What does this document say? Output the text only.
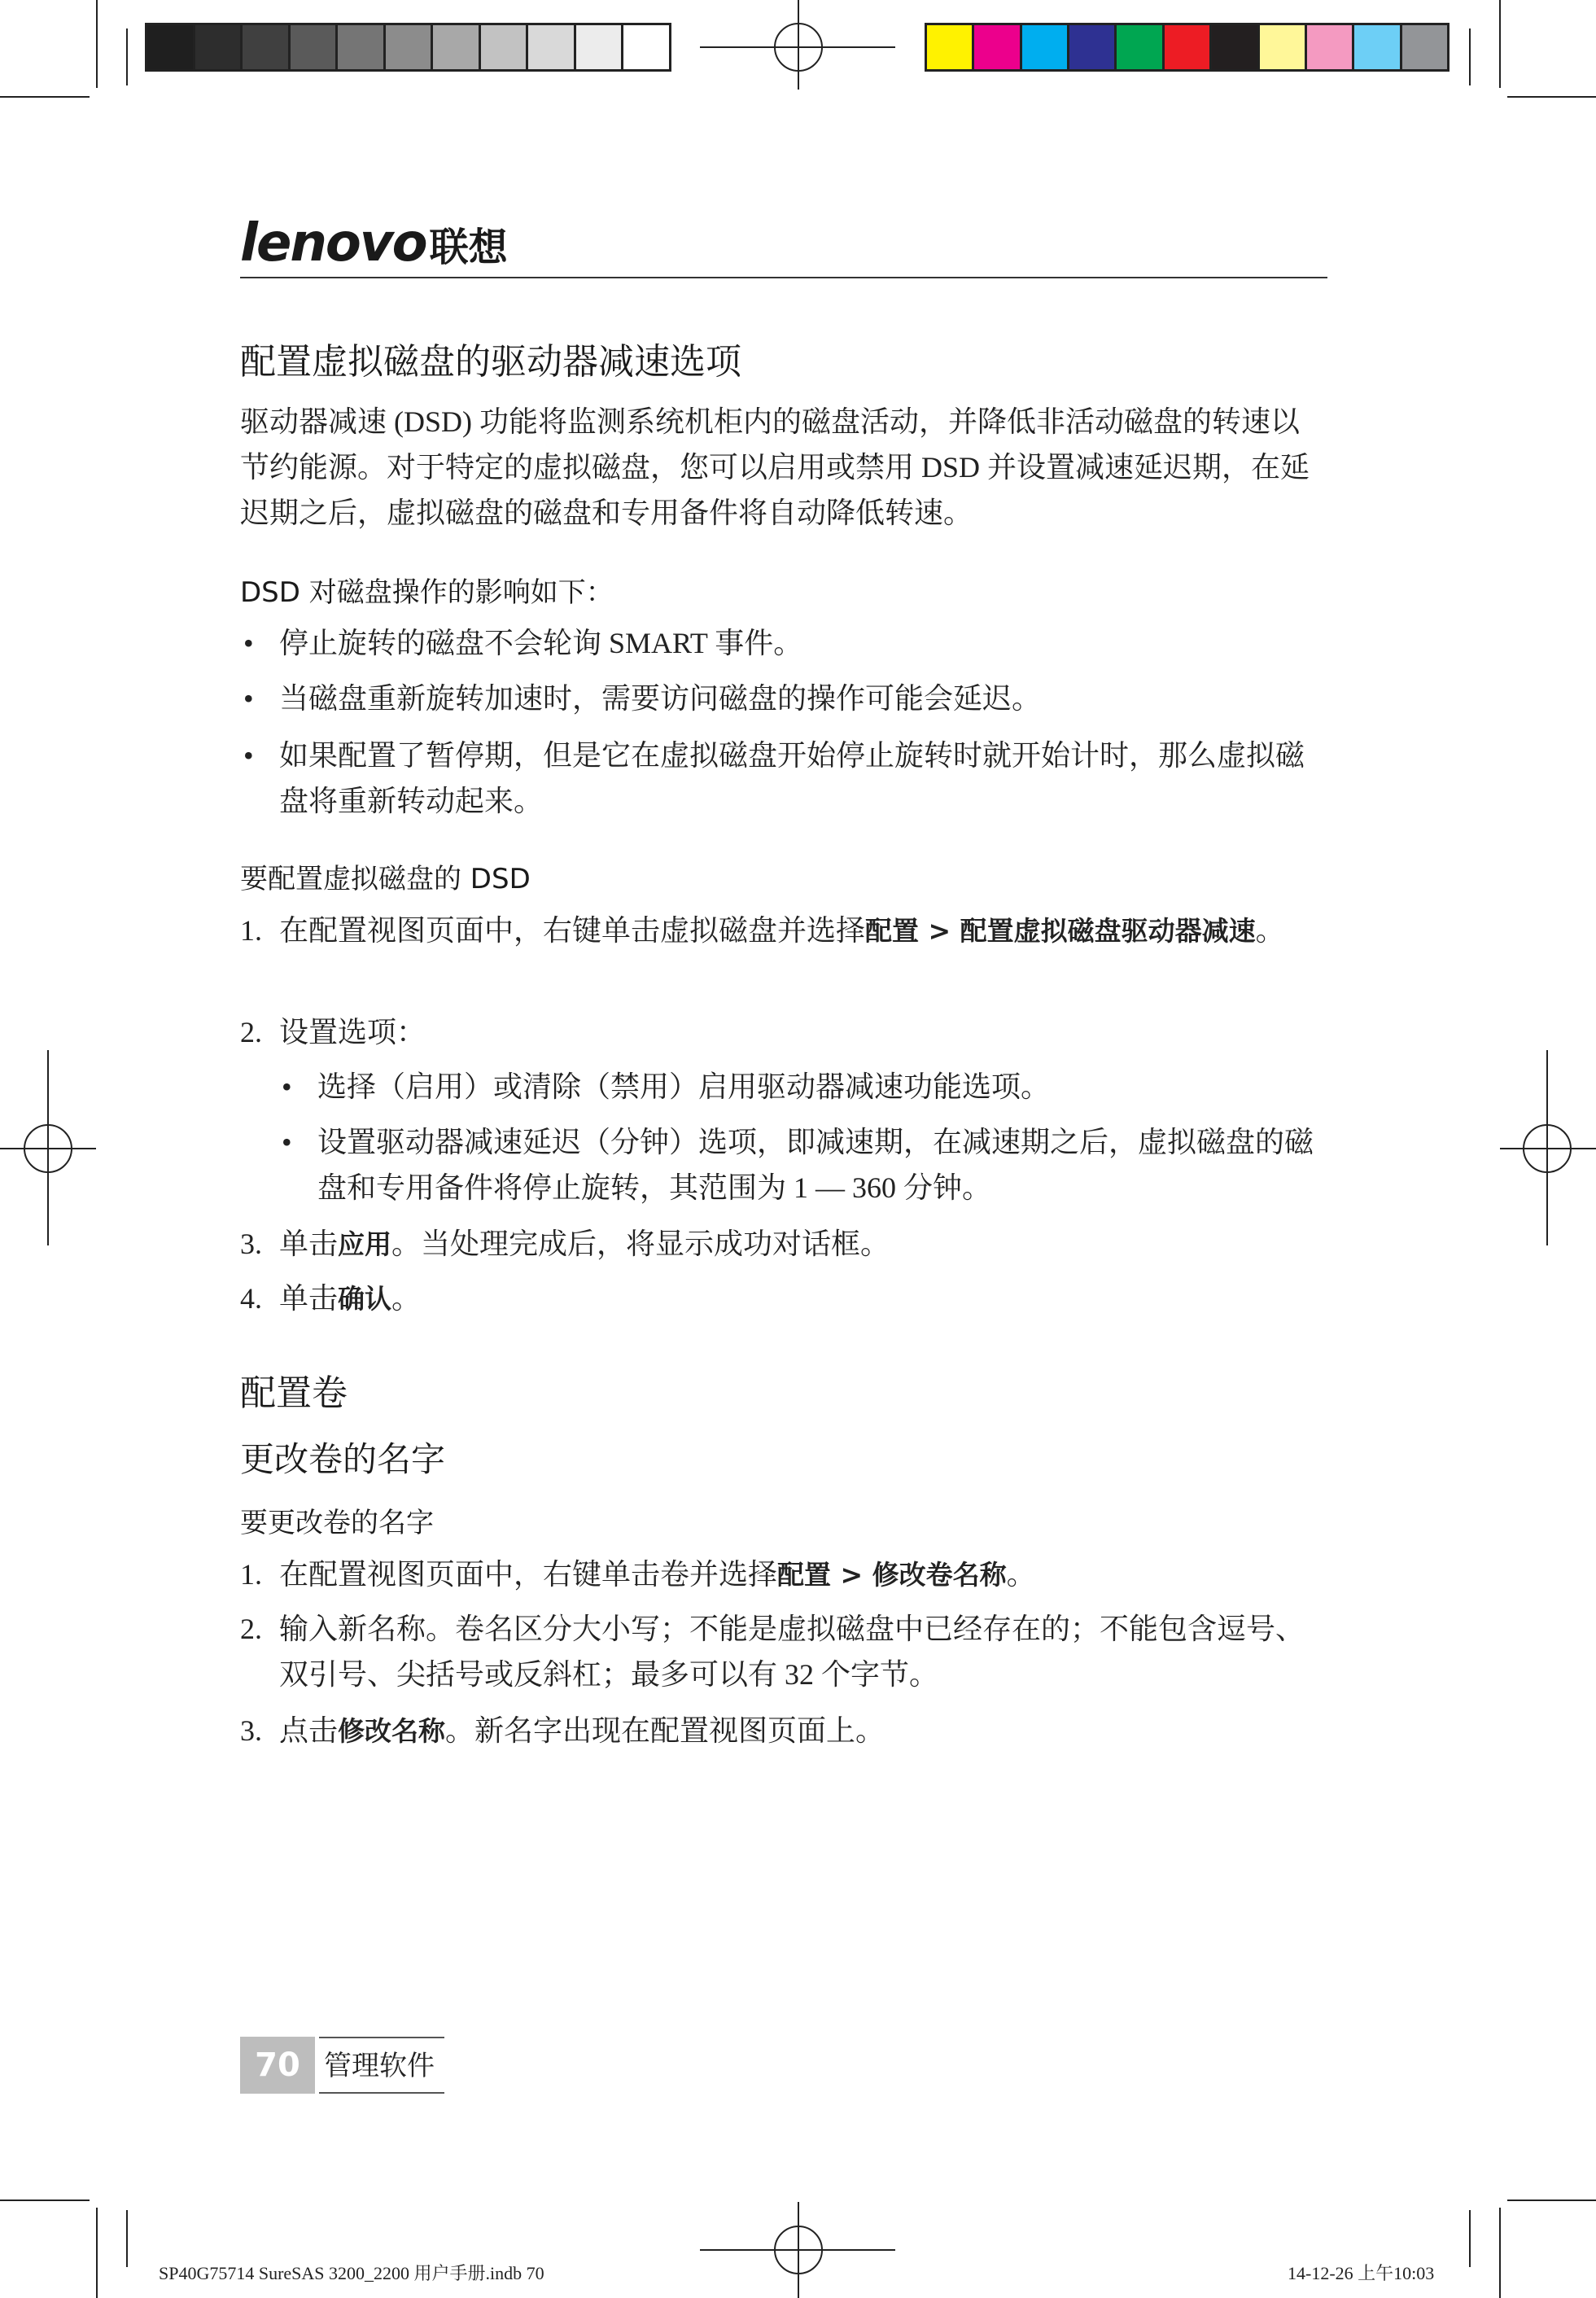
lenovo联想
配置虚拟磁盘的驱动器减速选项
驱动器减速 (DSD) 功能将监测系统机柜内的磁盘活动，并降低非活动磁盘的转速以节约能源。对于特定的虚拟磁盘，您可以启用或禁用 DSD 并设置减速延迟期，在延迟期之后，虚拟磁盘的磁盘和专用备件将自动降低转速。
DSD 对磁盘操作的影响如下：
• 停止旋转的磁盘不会轮询 SMART 事件。
• 当磁盘重新旋转加速时，需要访问磁盘的操作可能会延迟。
• 如果配置了暂停期，但是它在虚拟磁盘开始停止旋转时就开始计时，那么虚拟磁盘将重新转动起来。
要配置虚拟磁盘的 DSD
1. 在配置视图页面中，右键单击虚拟磁盘并选择配置 > 配置虚拟磁盘驱动器减速。
2. 设置选项：
• 选择（启用）或清除（禁用）启用驱动器减速功能选项。
• 设置驱动器减速延迟（分钟）选项，即减速期，在减速期之后，虚拟磁盘的磁盘和专用备件将停止旋转，其范围为 1 — 360 分钟。
3. 单击应用。当处理完成后，将显示成功对话框。
4. 单击确认。
配置卷
更改卷的名字
要更改卷的名字
1. 在配置视图页面中，右键单击卷并选择配置 > 修改卷名称。
2. 输入新名称。卷名区分大小写；不能是虚拟磁盘中已经存在的；不能包含逗号、双引号、尖括号或反斜杠；最多可以有 32 个字节。
3. 点击修改名称。新名字出现在配置视图页面上。
70 管理软件
SP40G75714 SureSAS 3200_2200 用户手册.indb 70	14-12-26 上午10:03
